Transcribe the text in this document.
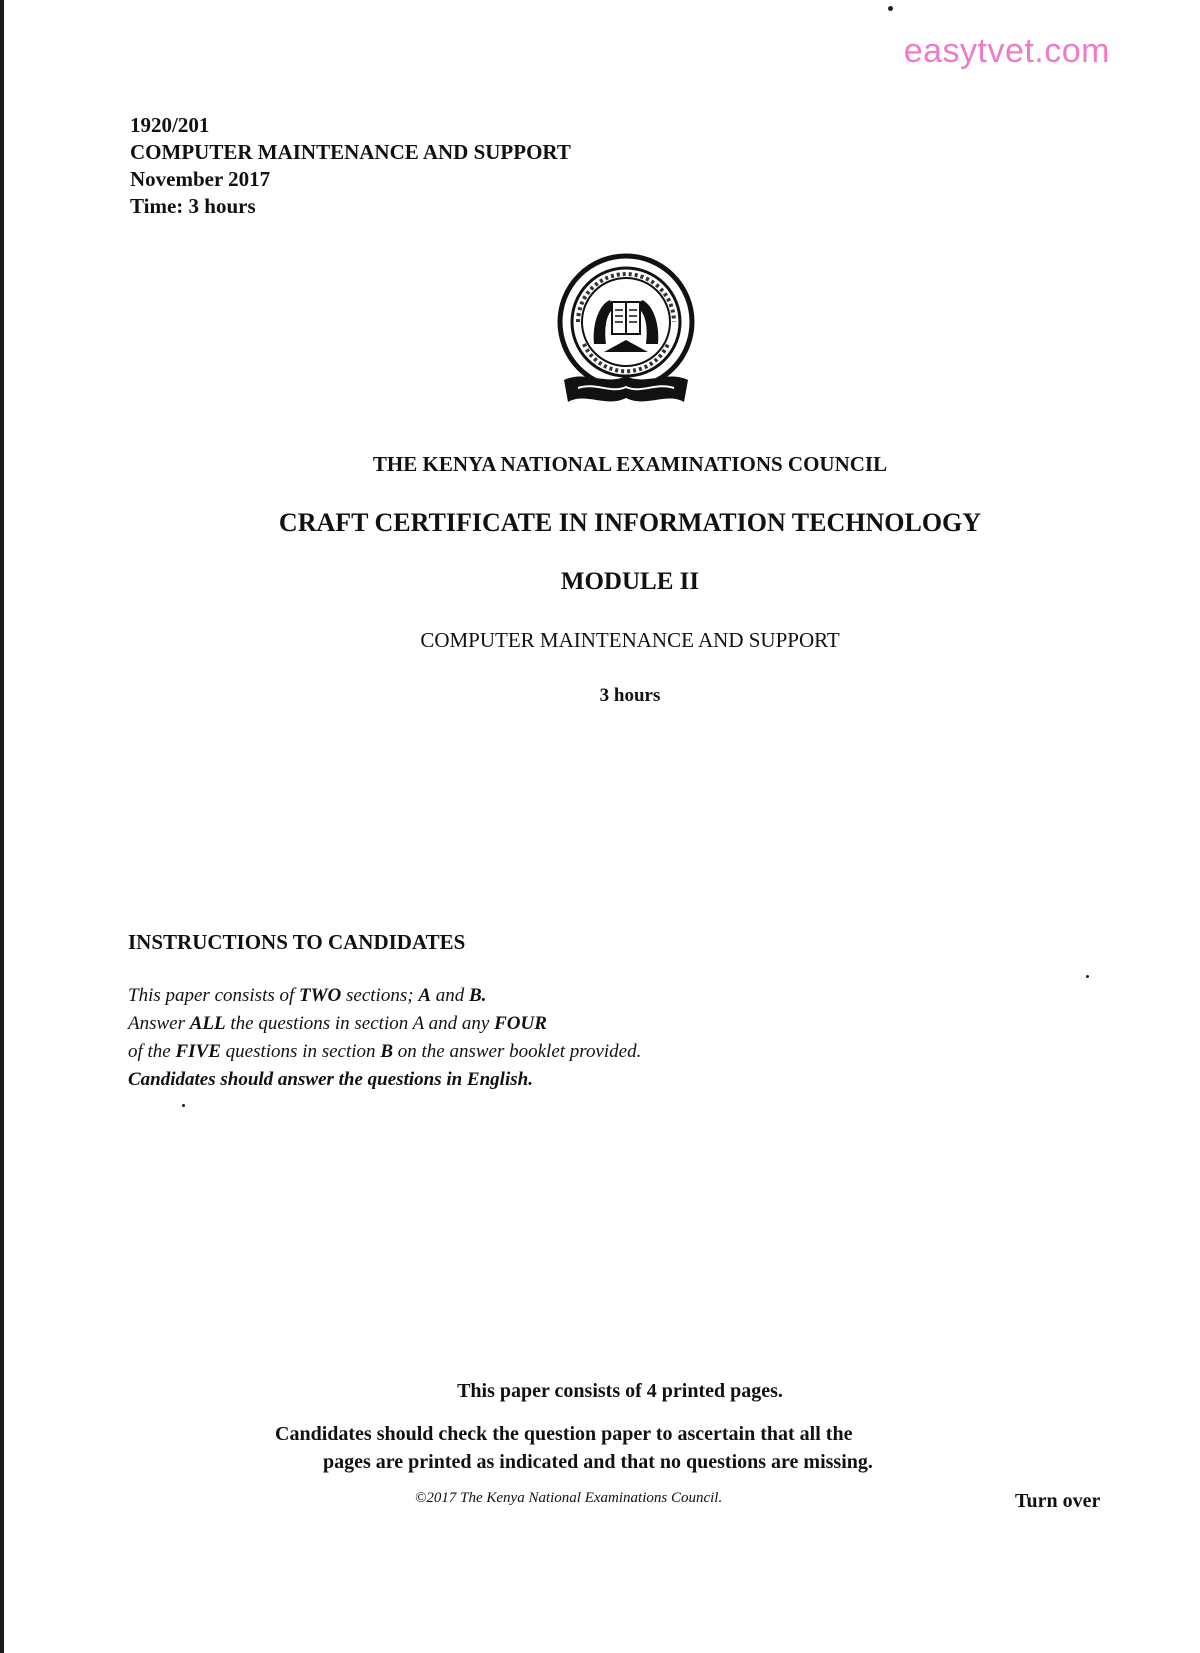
easytvet.com
1920/201
COMPUTER MAINTENANCE AND SUPPORT
November 2017
Time: 3 hours
THE KENYA NATIONAL EXAMINATIONS COUNCIL
CRAFT CERTIFICATE IN INFORMATION TECHNOLOGY
MODULE II
COMPUTER MAINTENANCE AND SUPPORT
3 hours
INSTRUCTIONS TO CANDIDATES
This paper consists of TWO sections; A and B.
Answer ALL the questions in section A and any FOUR
of the FIVE questions in section B on the answer booklet provided.
Candidates should answer the questions in English.
This paper consists of 4 printed pages.
Candidates should check the question paper to ascertain that all the
pages are printed as indicated and that no questions are missing.
©2017 The Kenya National Examinations Council.	Turn over
